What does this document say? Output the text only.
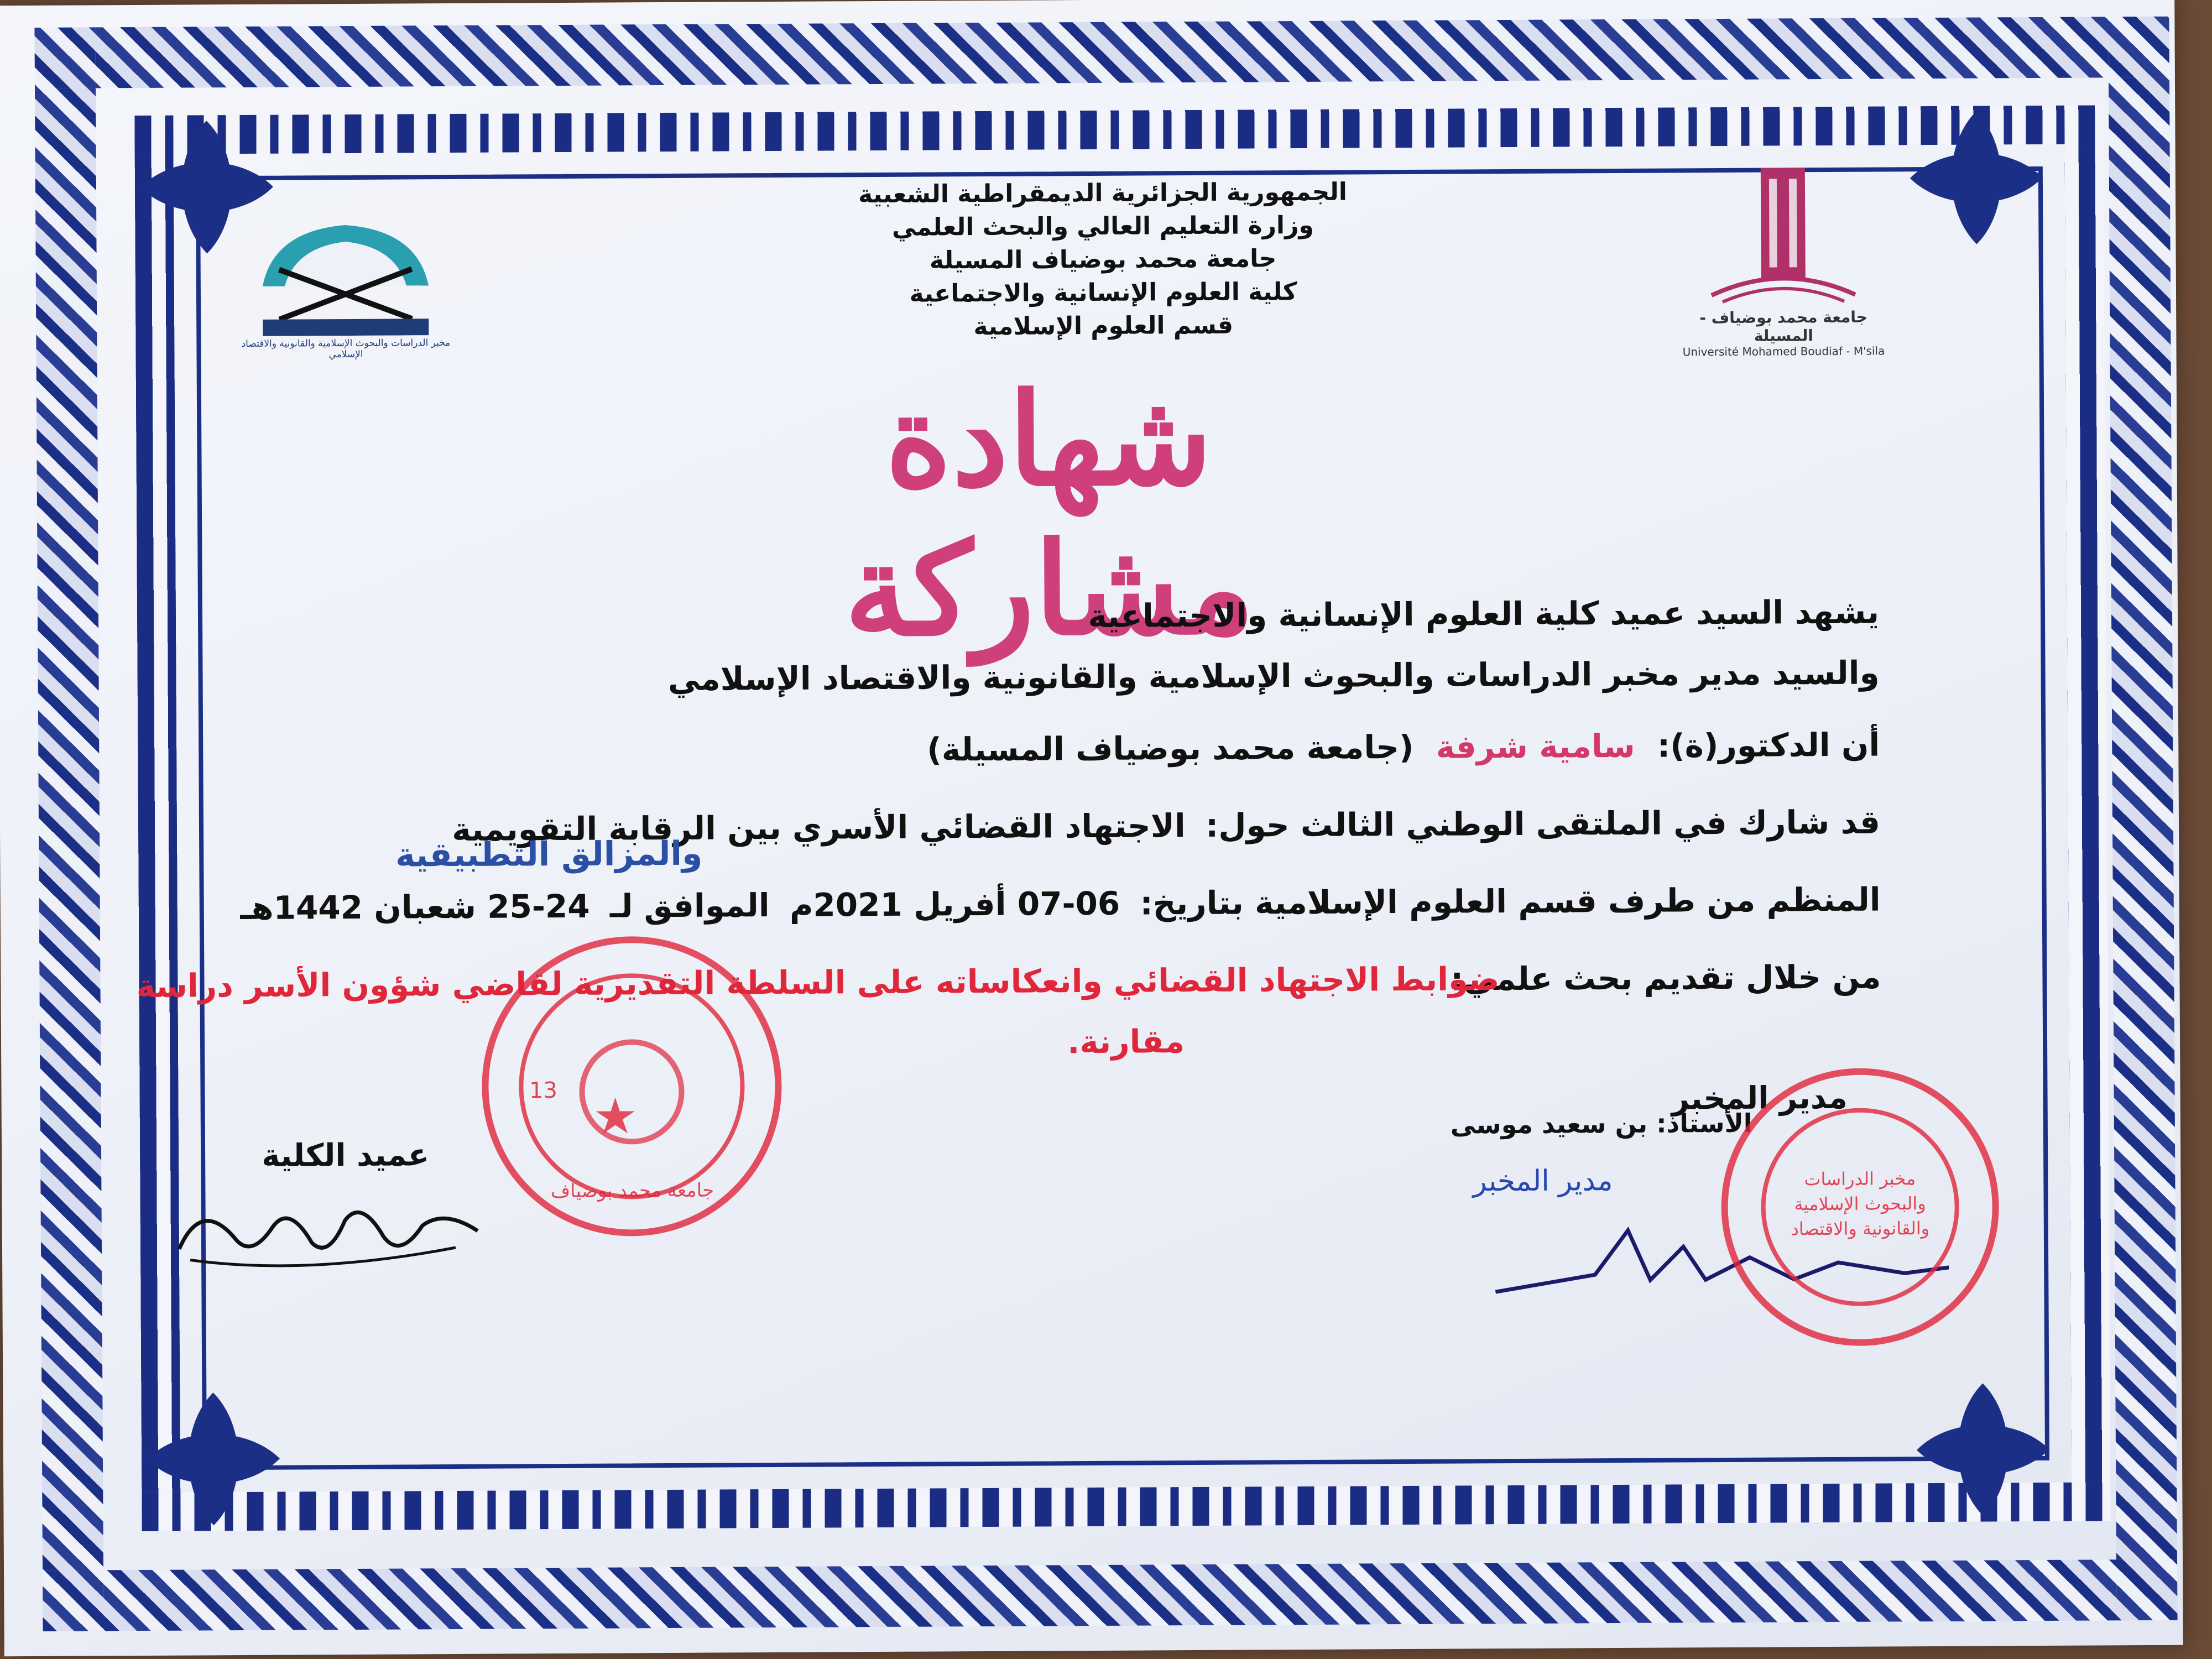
الجمهورية الجزائرية الديمقراطية الشعبية
وزارة التعليم العالي والبحث العلمي
جامعة محمد بوضياف المسيلة
كلية العلوم الإنسانية والاجتماعية
قسم العلوم الإسلامية	جامعة محمد بوضياف - المسيلة
Université Mohamed Boudiaf - M'sila
مخبر الدراسات والبحوث الإسلامية والقانونية والاقتصاد الإسلامي
شهادة مشاركة
يشهد السيد عميد كلية العلوم الإنسانية والاجتماعية
والسيد مدير مخبر الدراسات والبحوث الإسلامية والقانونية والاقتصاد الإسلامي
أن الدكتور(ة): سامية شرفة (جامعة محمد بوضياف المسيلة)
قد شارك في الملتقى الوطني الثالث حول: الاجتهاد القضائي الأسري بين الرقابة التقويمية
والمزالق التطبيقية
المنظم من طرف قسم العلوم الإسلامية بتاريخ: 06-07 أفريل 2021م الموافق لـ 24-25 شعبان 1442هـ
من خلال تقديم بحث علمي:
ضوابط الاجتهاد القضائي وانعكاساته على السلطة التقديرية لقاضي شؤون الأسر دراسة
مقارنة.
مدير المخبر
الأستاذ: بن سعيد موسى
مدير المخبر
عميد الكلية
جامعة محمد بوضياف
13
مخبر الدراسات
والبحوث الإسلامية
والقانونية والاقتصاد
